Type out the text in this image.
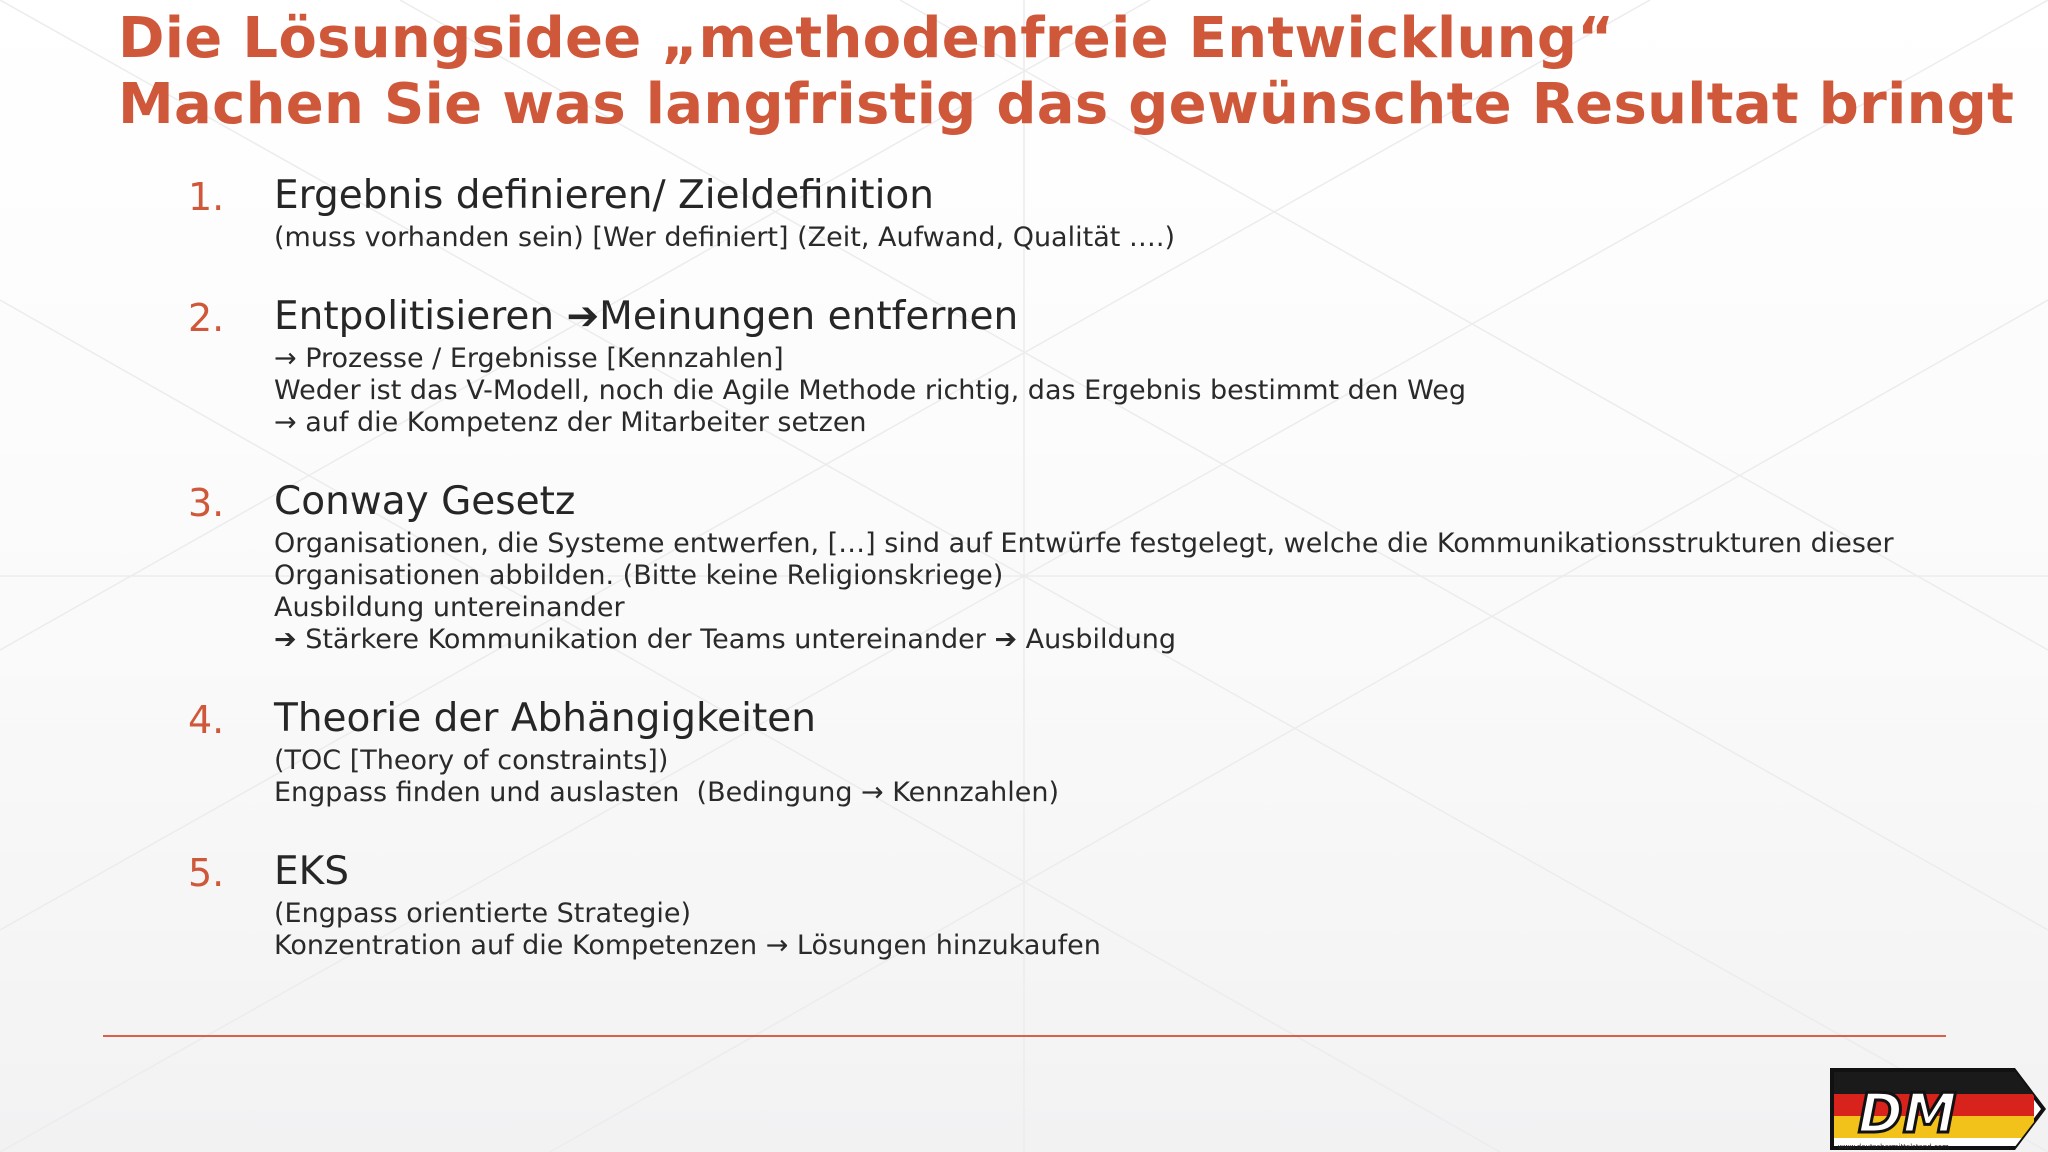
Die Lösungsidee „methodenfreie Entwicklung“
Machen Sie was langfristig das gewünschte Resultat bringt
1. Ergebnis definieren/ Zieldefinition
(muss vorhanden sein) [Wer definiert] (Zeit, Aufwand, Qualität ….)
2. Entpolitisieren ➔Meinungen entfernen
→ Prozesse / Ergebnisse [Kennzahlen]
Weder ist das V-Modell, noch die Agile Methode richtig, das Ergebnis bestimmt den Weg
→ auf die Kompetenz der Mitarbeiter setzen
3. Conway Gesetz
Organisationen, die Systeme entwerfen, […] sind auf Entwürfe festgelegt, welche die Kommunikationsstrukturen dieser
Organisationen abbilden. (Bitte keine Religionskriege)
Ausbildung untereinander
➔ Stärkere Kommunikation der Teams untereinander ➔ Ausbildung
4. Theorie der Abhängigkeiten
(TOC [Theory of constraints])
Engpass finden und auslasten  (Bedingung → Kennzahlen)
5. EKS
(Engpass orientierte Strategie)
Konzentration auf die Kompetenzen → Lösungen hinzukaufen
DM
www.deutschermittelstand.com
